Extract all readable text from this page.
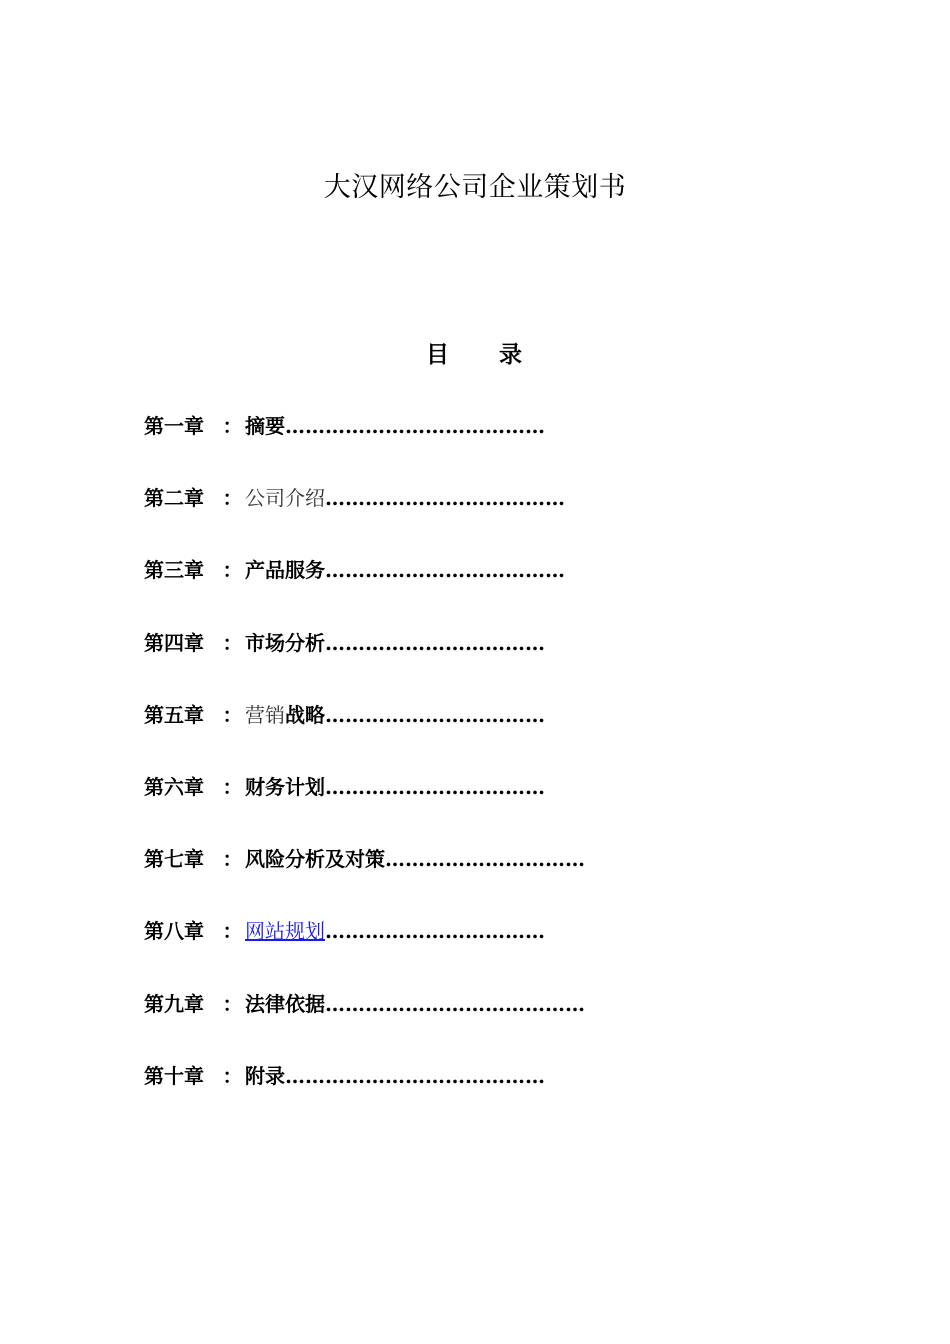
大汉网络公司企业策划书
目 录
第一章 ： 摘要 …………………………………
第二章 ： 公司介绍 ………………………………
第三章 ： 产品服务 ………………………………
第四章 ： 市场分析 ……………………………
第五章 ： 营销战略 ……………………………
第六章 ： 财务计划 ……………………………
第七章 ： 风险分析及对策 …………………………
第八章 ： 网站规划 ……………………………
第九章 ： 法律依据 …………………………………
第十章 ： 附录 …………………………………
